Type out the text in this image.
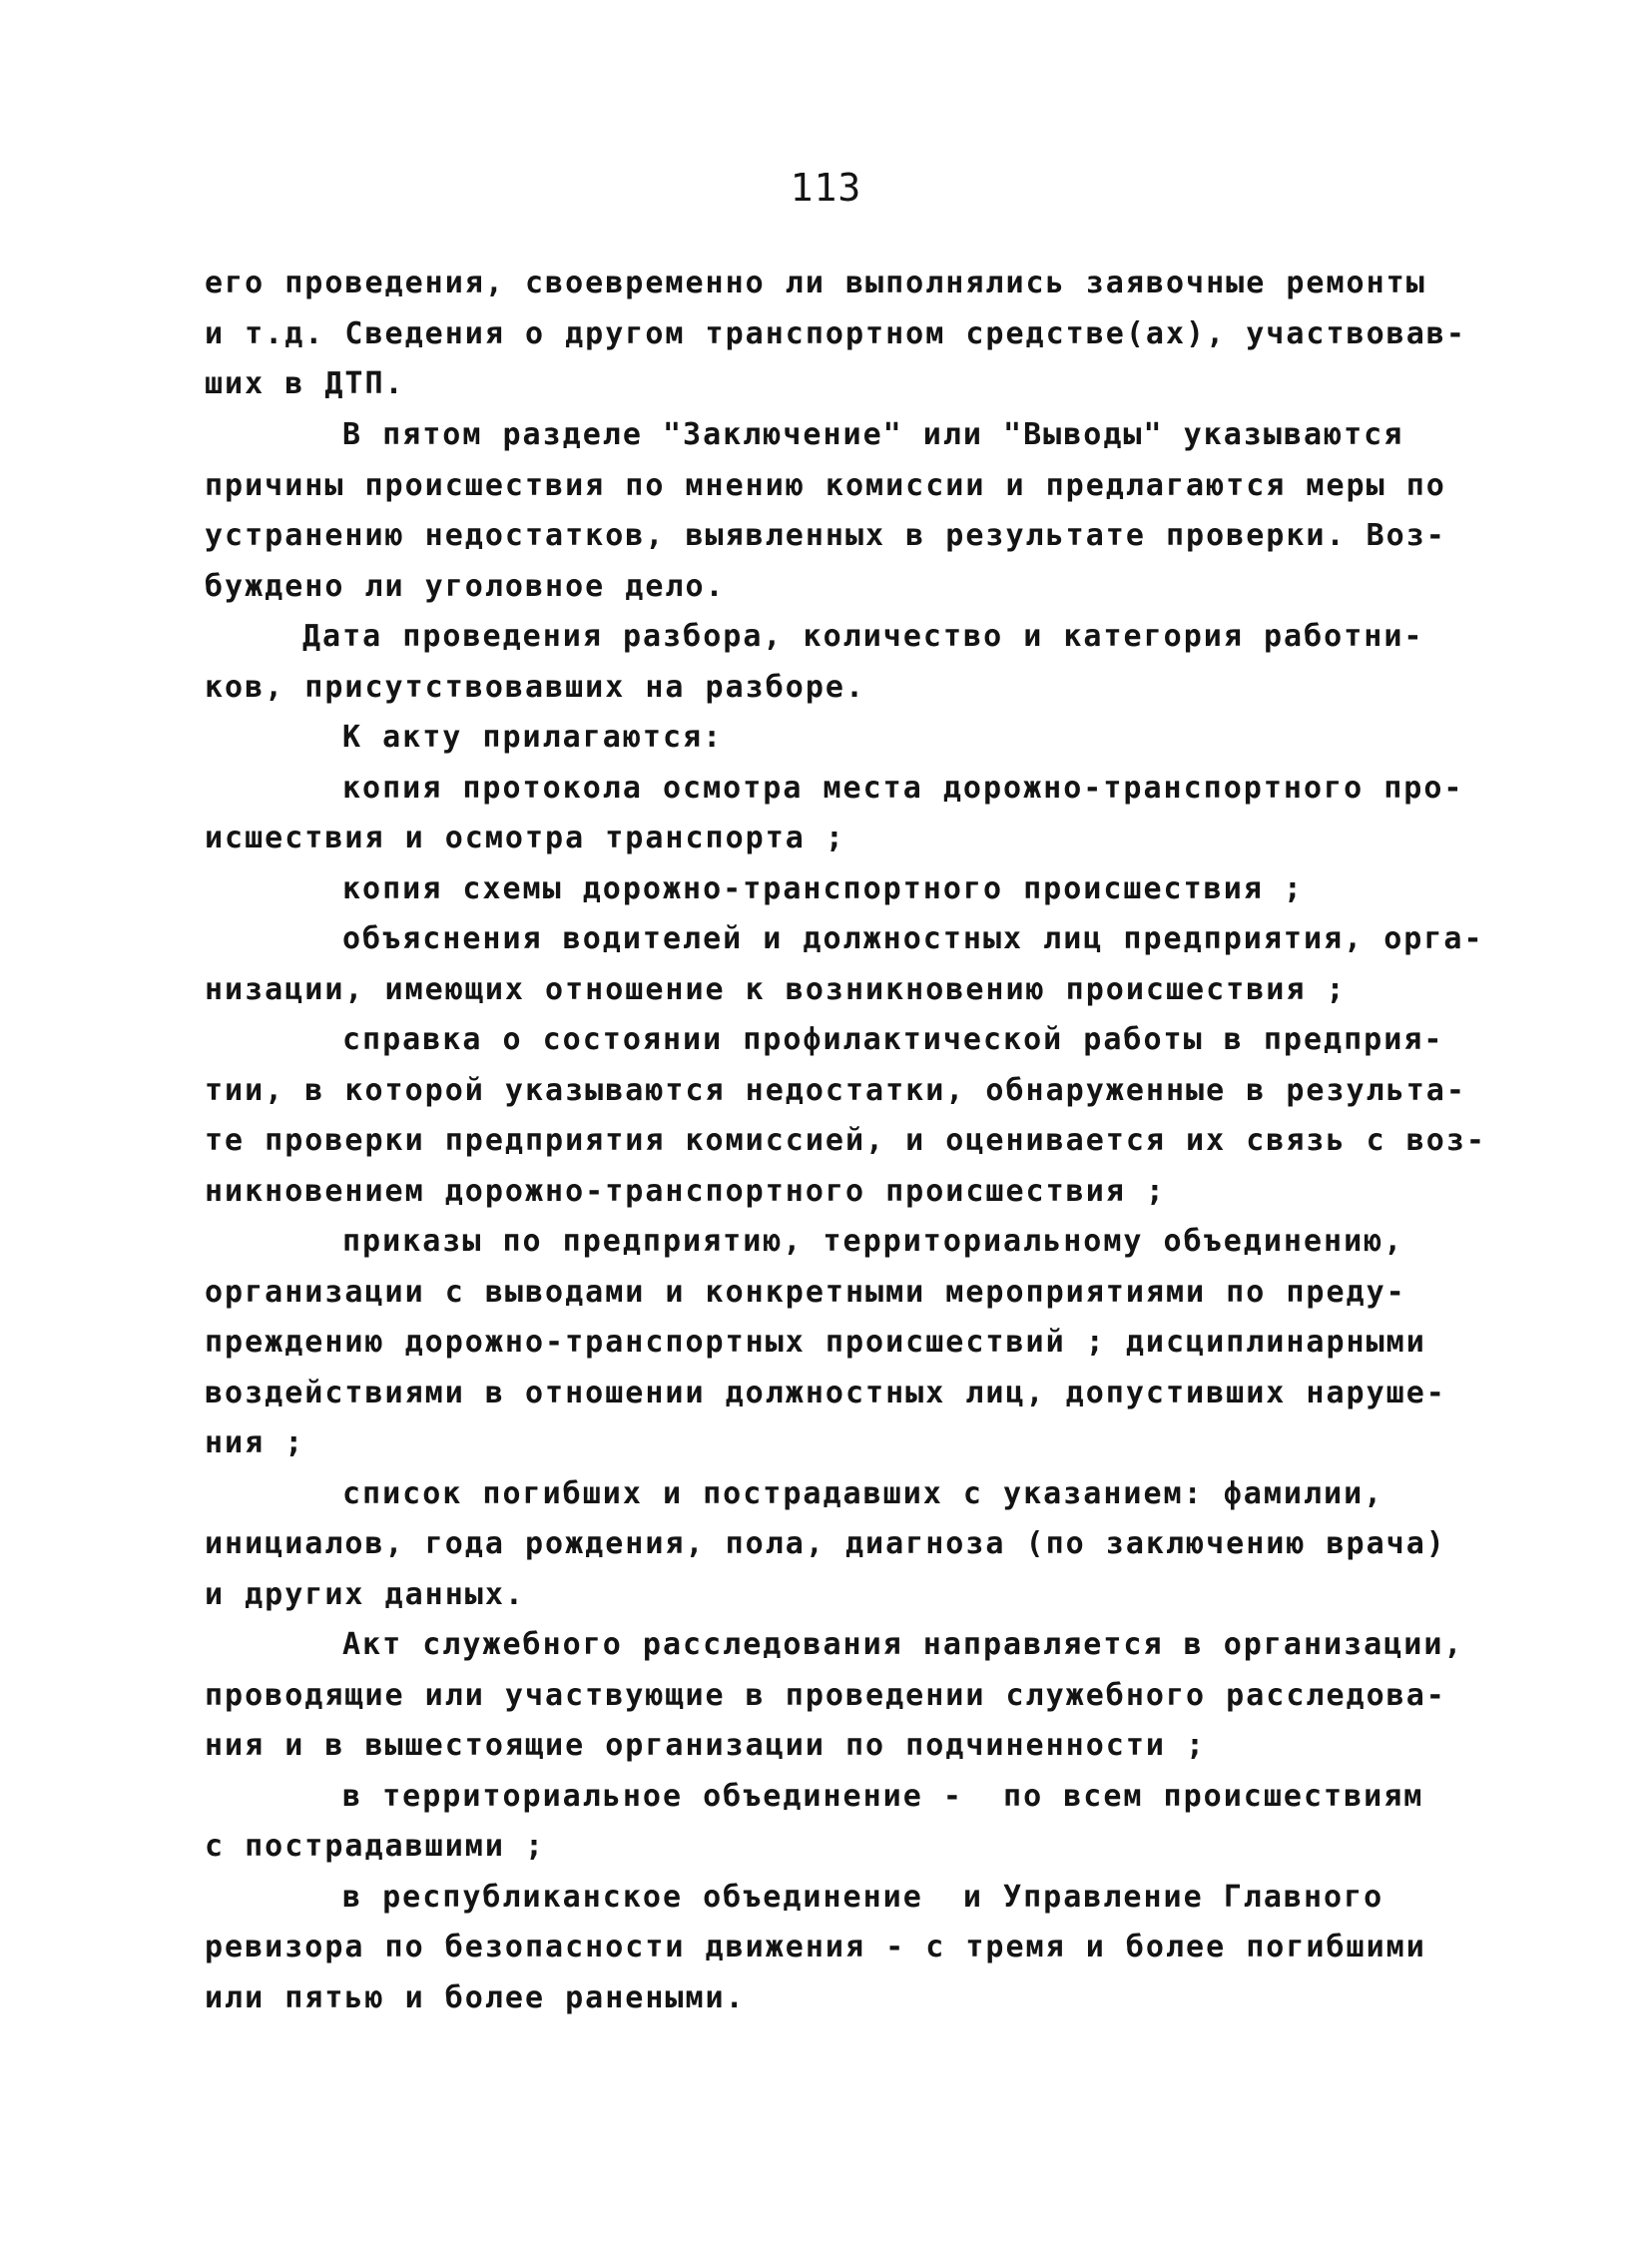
113
его проведения, своевременно ли выполнялись заявочные ремонты
и т.д. Сведения о другом транспортном средстве(ах), участвовав-
ших в ДТП.
В пятом разделе "Заключение" или "Выводы" указываются
причины происшествия по мнению комиссии и предлагаются меры по
устранению недостатков, выявленных в результате проверки. Воз-
буждено ли уголовное дело.
Дата проведения разбора, количество и категория работни-
ков, присутствовавших на разборе.
К акту прилагаются:
копия протокола осмотра места дорожно-транспортного про-
исшествия и осмотра транспорта ;
копия схемы дорожно-транспортного происшествия ;
объяснения водителей и должностных лиц предприятия, орга-
низации, имеющих отношение к возникновению происшествия ;
справка о состоянии профилактической работы в предприя-
тии, в которой указываются недостатки, обнаруженные в результа-
те проверки предприятия комиссией, и оценивается их связь с воз-
никновением дорожно-транспортного происшествия ;
приказы по предприятию, территориальному объединению,
организации с выводами и конкретными мероприятиями по преду-
преждению дорожно-транспортных происшествий ; дисциплинарными
воздействиями в отношении должностных лиц, допустивших наруше-
ния ;
список погибших и пострадавших с указанием: фамилии,
инициалов, года рождения, пола, диагноза (по заключению врача)
и других данных.
Акт служебного расследования направляется в организации,
проводящие или участвующие в проведении служебного расследова-
ния и в вышестоящие организации по подчиненности ;
в территориальное объединение -  по всем происшествиям
с пострадавшими ;
в республиканское объединение  и Управление Главного
ревизора по безопасности движения - с тремя и более погибшими
или пятью и более ранеными.
